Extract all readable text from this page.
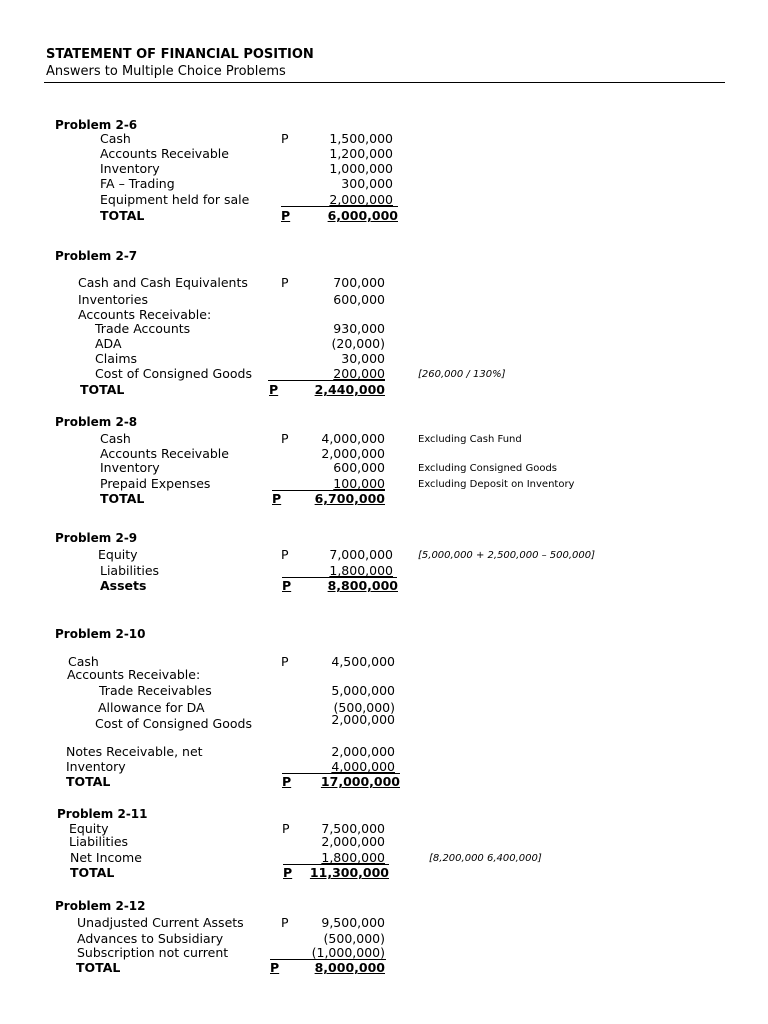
STATEMENT OF FINANCIAL POSITION
Answers to Multiple Choice Problems
Problem 2-6
Cash	P	1,500,000
Accounts Receivable	1,200,000
Inventory	1,000,000
FA – Trading	300,000
Equipment held for sale	2,000,000
TOTAL	P	6,000,000
Problem 2-7
Cash and Cash Equivalents	P	700,000
Inventories	600,000
Accounts Receivable:
Trade Accounts	930,000
ADA	(20,000)
Claims	30,000
Cost of Consigned Goods	200,000	[260,000 / 130%]
TOTAL	P	2,440,000
Problem 2-8
Cash	P	4,000,000	Excluding Cash Fund
Accounts Receivable	2,000,000
Inventory	600,000	Excluding Consigned Goods
Prepaid Expenses	100,000	Excluding Deposit on Inventory
TOTAL	P	6,700,000
Problem 2-9
Equity	P	7,000,000	[5,000,000 + 2,500,000 – 500,000]
Liabilities	1,800,000
Assets	P	8,800,000
Problem 2-10
Cash	P	4,500,000
Accounts Receivable:
Trade Receivables	5,000,000
Allowance for DA	(500,000)
Cost of Consigned Goods	2,000,000
Notes Receivable, net	2,000,000
Inventory	4,000,000
TOTAL	P 17,000,000
Problem 2-11
Equity	P	7,500,000
Liabilities	2,000,000
Net Income	1,800,000	[8,200,000 6,400,000]
TOTAL	P 11,300,000
Problem 2-12
Unadjusted Current Assets	P	9,500,000
Advances to Subsidiary	(500,000)
Subscription not current	(1,000,000)
TOTAL	P	8,000,000
